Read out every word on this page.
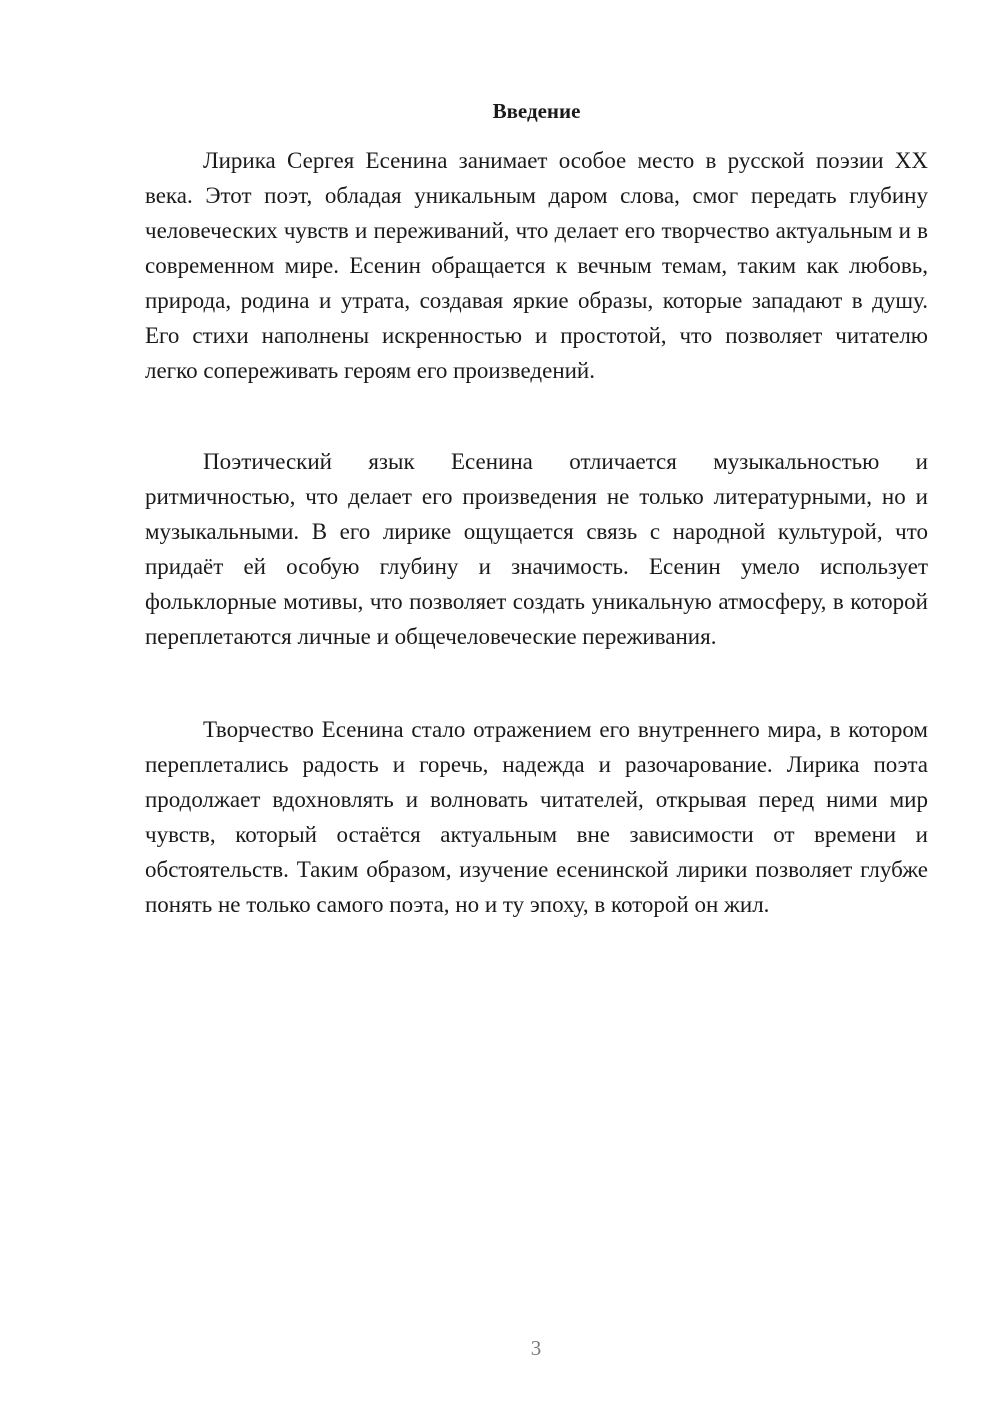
Введение

Лирика Сергея Есенина занимает особое место в русской поэзии XX века. Этот поэт, обладая уникальным даром слова, смог передать глубину человеческих чувств и переживаний, что делает его творчество актуальным и в современном мире. Есенин обращается к вечным темам, таким как любовь, природа, родина и утрата, создавая яркие образы, которые западают в душу. Его стихи наполнены искренностью и простотой, что позволяет читателю легко сопереживать героям его произведений.

Поэтический язык Есенина отличается музыкальностью и ритмичностью, что делает его произведения не только литературными, но и музыкальными. В его лирике ощущается связь с народной культурой, что придаёт ей особую глубину и значимость. Есенин умело использует фольклорные мотивы, что позволяет создать уникальную атмосферу, в которой переплетаются личные и общечеловеческие переживания.

Творчество Есенина стало отражением его внутреннего мира, в котором переплетались радость и горечь, надежда и разочарование. Лирика поэта продолжает вдохновлять и волновать читателей, открывая перед ними мир чувств, который остаётся актуальным вне зависимости от времени и обстоятельств. Таким образом, изучение есенинской лирики позволяет глубже понять не только самого поэта, но и ту эпоху, в которой он жил.

3
